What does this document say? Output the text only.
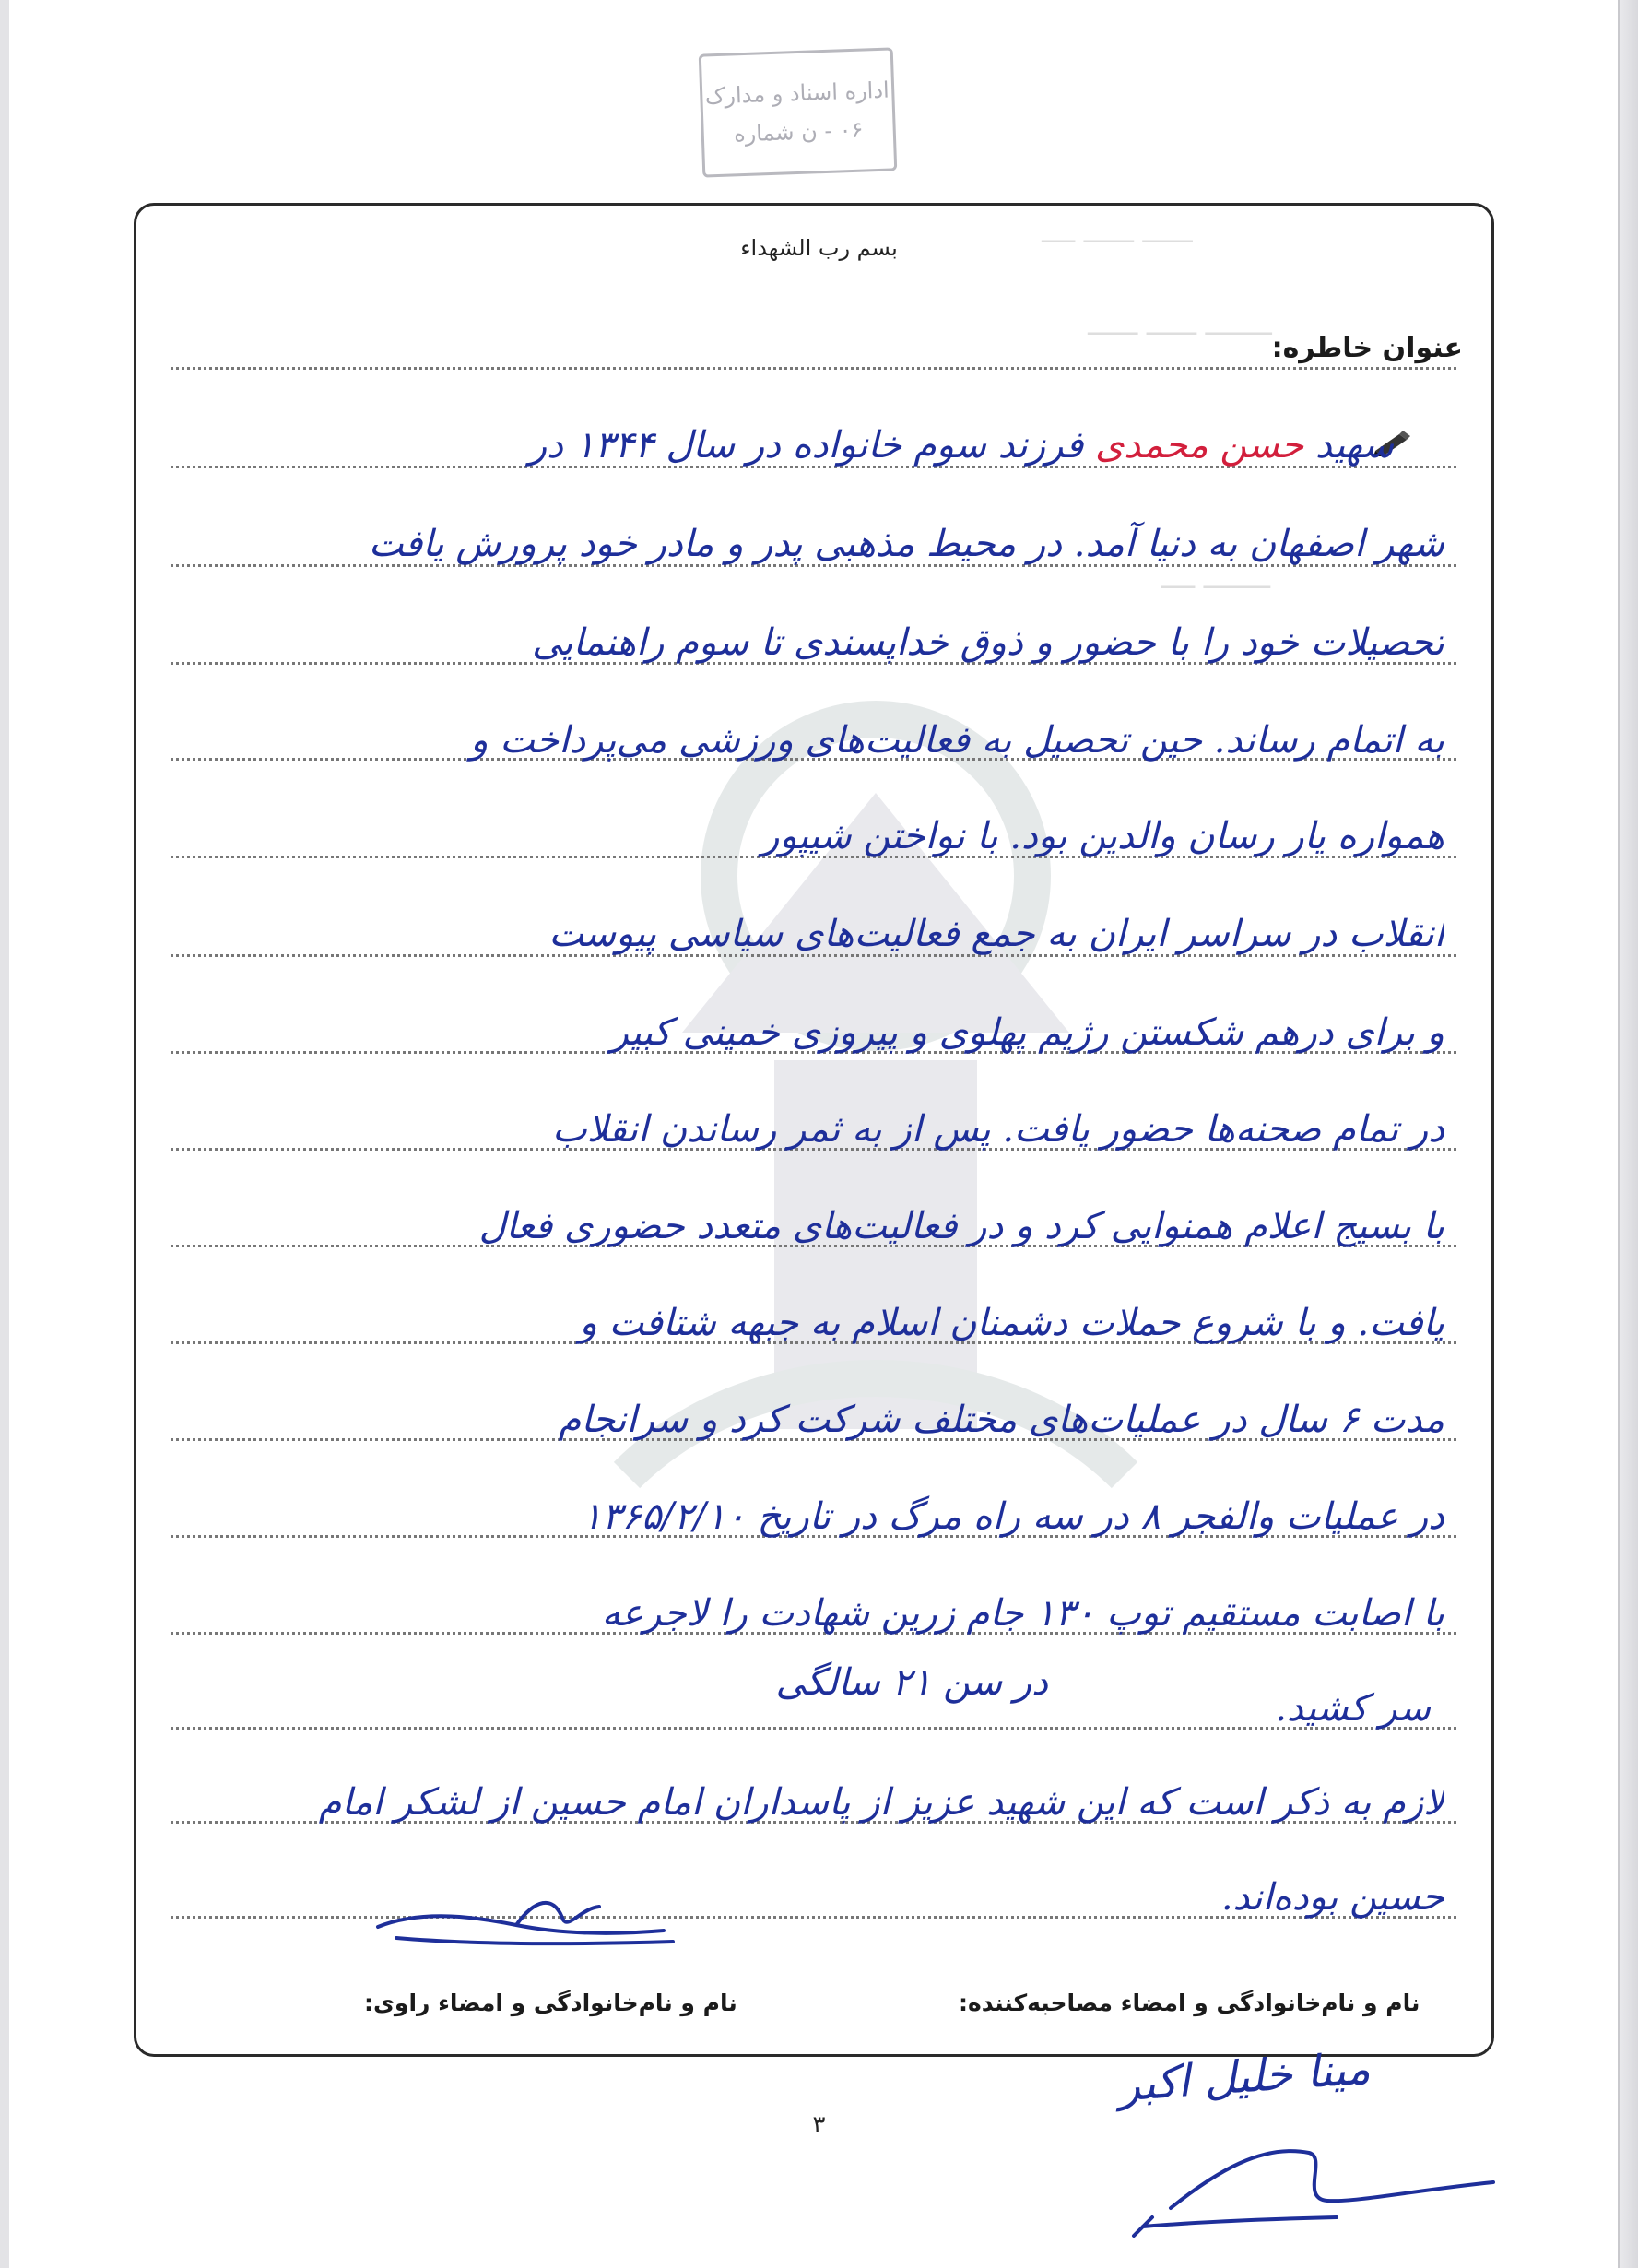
─── ─── ──
──── ─── ───
──── ──
اداره اسناد و مدارک
۰۶ - ن شماره
بسم رب الشهداء
عنوان خاطره:
سهید حسن محمدی فرزند سوم خانواده در سال ۱۳۴۴ در
شهر اصفهان به دنیا آمد. در محیط مذهبی پدر و مادر خود پرورش یافت
تحصیلات خود را با حضور و ذوق خداپسندی تا سوم راهنمایی
به اتمام رساند. حین تحصیل به فعالیت‌های ورزشی می‌پرداخت و
همواره یار رسان والدین بود. با نواختن شیپور
انقلاب در سراسر ایران به جمع فعالیت‌های سیاسی پیوست
و برای درهم شکستن رژیم پهلوی و پیروزی خمینی کبیر
در تمام صحنه‌ها حضور یافت. پس از به ثمر رساندن انقلاب
با بسیج اعلام همنوایی کرد و در فعالیت‌های متعدد حضوری فعال
یافت. و با شروع حملات دشمنان اسلام به جبهه شتافت و
مدت ۶ سال در عملیات‌های مختلف شرکت کرد و سرانجام
در عملیات والفجر ۸ در سه راه مرگ در تاریخ ۱۳۶۵/۲/۱۰
با اصابت مستقیم توپ ۱۳۰ جام زرین شهادت را لاجرعه
سر کشید.
در سن ۲۱ سالگی
لازم به ذکر است که این شهید عزیز از پاسداران امام حسین از لشکر امام
حسین بوده‌اند.
نام و نام‌خانوادگی و امضاء مصاحبه‌کننده:
نام و نام‌خانوادگی و امضاء راوی:
مینا خلیل اکبر
۳
